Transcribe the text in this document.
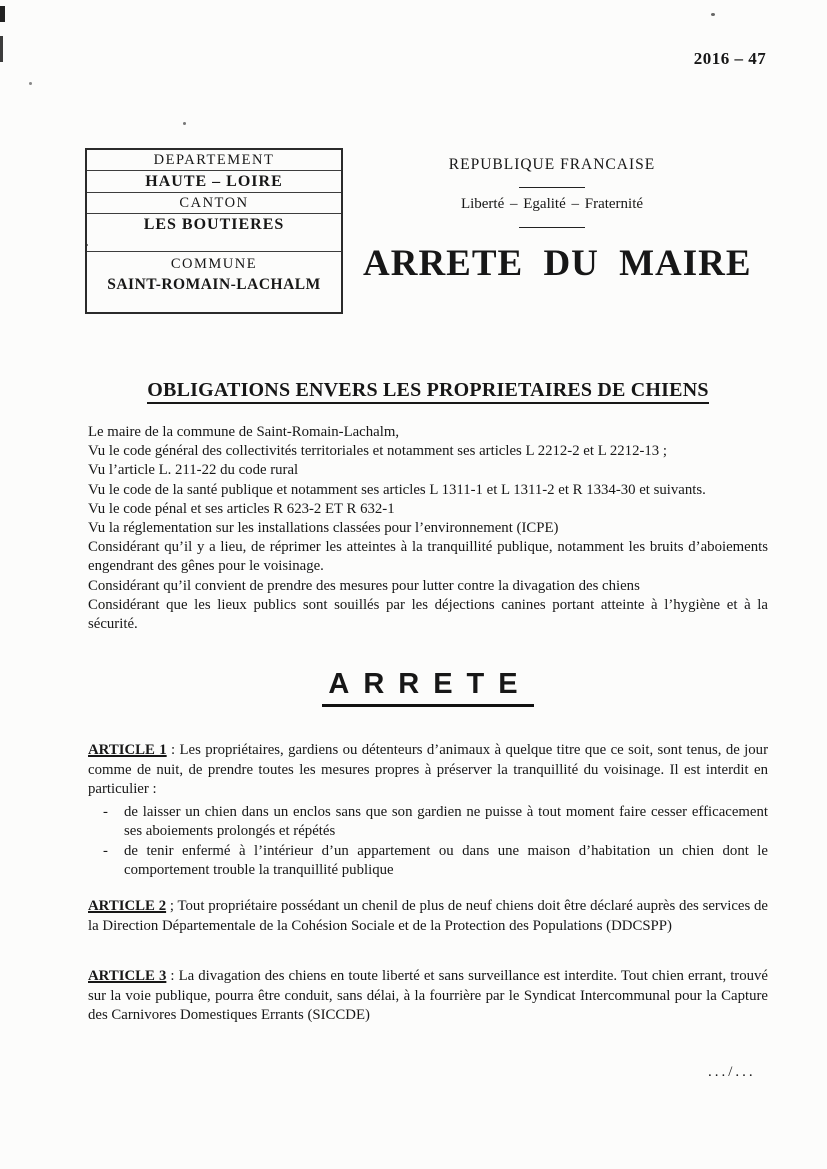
2016 – 47
DEPARTEMENT
HAUTE – LOIRE
CANTON
LES BOUTIERES
COMMUNE
SAINT-ROMAIN-LACHALM
REPUBLIQUE FRANCAISE
Liberté – Egalité – Fraternité
ARRETE DU MAIRE
OBLIGATIONS ENVERS LES PROPRIETAIRES DE CHIENS
Le maire de la commune de Saint-Romain-Lachalm,
Vu le code général des collectivités territoriales et notamment ses articles L 2212-2 et L 2212-13 ;
Vu l’article L. 211-22 du code rural
Vu le code de la santé publique et notamment ses articles L 1311-1 et L 1311-2 et R 1334-30 et suivants.
Vu le code pénal et ses articles R 623-2 ET R 632-1
Vu la réglementation sur les installations classées pour l’environnement (ICPE)
Considérant qu’il y a lieu, de réprimer les atteintes à la tranquillité publique, notamment les bruits d’aboiements engendrant des gênes pour le voisinage.
Considérant qu’il convient de prendre des mesures pour lutter contre la divagation des chiens
Considérant que les lieux publics sont souillés par les déjections canines portant atteinte à l’hygiène et à la sécurité.
ARRETE
ARTICLE 1 : Les propriétaires, gardiens ou détenteurs d’animaux à quelque titre que ce soit, sont tenus, de jour comme de nuit, de prendre toutes les mesures propres à préserver la tranquillité du voisinage. Il est interdit en particulier :
- de laisser un chien dans un enclos sans que son gardien ne puisse à tout moment faire cesser efficacement ses aboiements prolongés et répétés
- de tenir enfermé à l’intérieur d’un appartement ou dans une maison d’habitation un chien dont le comportement trouble la tranquillité publique
ARTICLE 2 ; Tout propriétaire possédant un chenil de plus de neuf chiens doit être déclaré auprès des services de la Direction Départementale de la Cohésion Sociale et de la Protection des Populations (DDCSPP)
ARTICLE 3 : La divagation des chiens en toute liberté et sans surveillance est interdite. Tout chien errant, trouvé sur la voie publique, pourra être conduit, sans délai, à la fourrière par le Syndicat Intercommunal pour la Capture des Carnivores Domestiques Errants (SICCDE)
.../...
